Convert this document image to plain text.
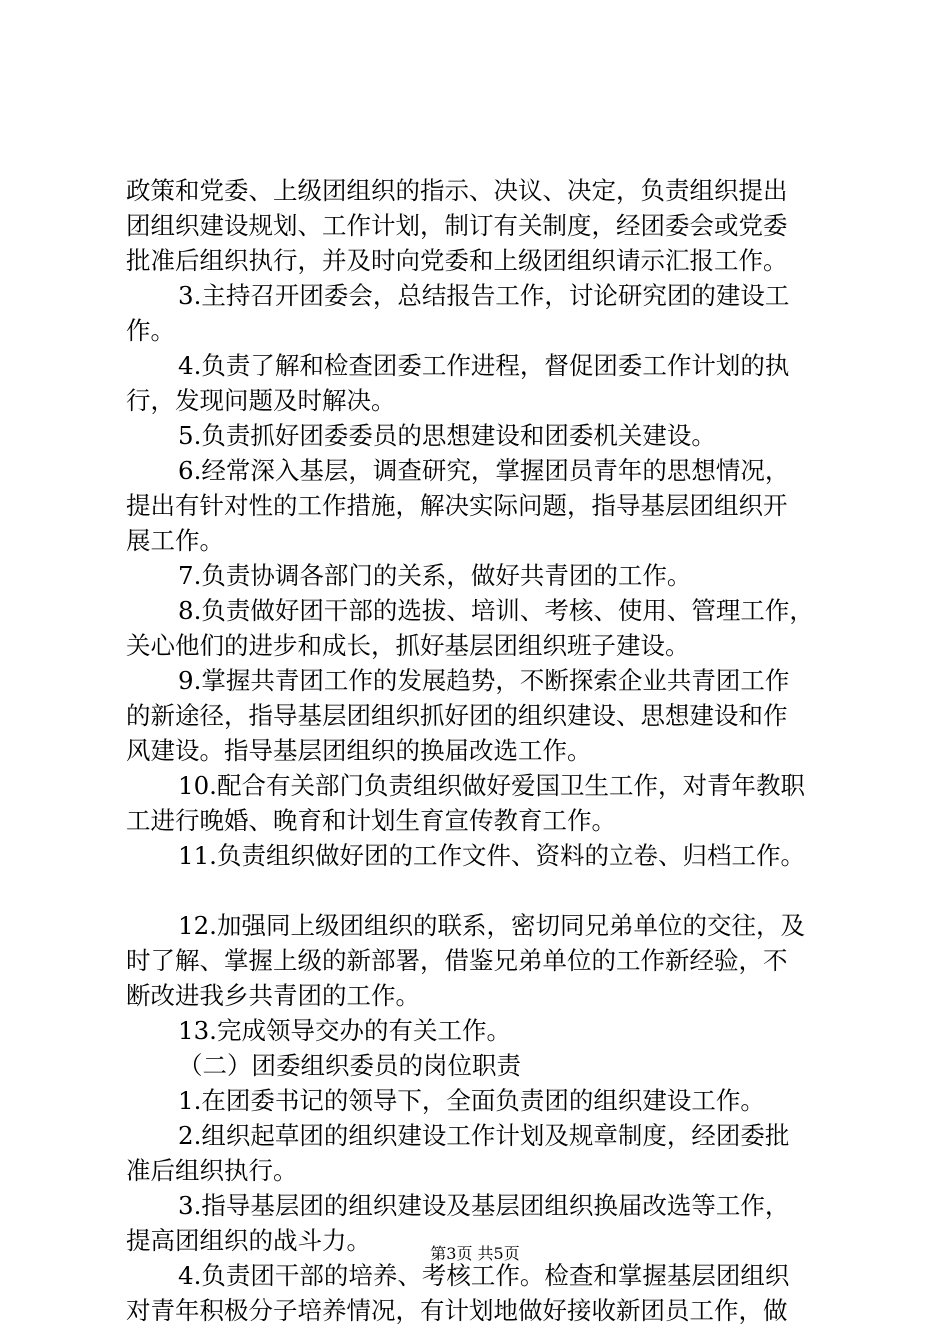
政策和党委、上级团组织的指示、决议、决定，负责组织提出
团组织建设规划、工作计划，制订有关制度，经团委会或党委
批准后组织执行，并及时向党委和上级团组织请示汇报工作。
3.主持召开团委会，总结报告工作，讨论研究团的建设工
作。
4.负责了解和检查团委工作进程，督促团委工作计划的执
行，发现问题及时解决。
5.负责抓好团委委员的思想建设和团委机关建设。
6.经常深入基层，调查研究，掌握团员青年的思想情况，
提出有针对性的工作措施，解决实际问题，指导基层团组织开
展工作。
7.负责协调各部门的关系，做好共青团的工作。
8.负责做好团干部的选拔、培训、考核、使用、管理工作，
关心他们的进步和成长，抓好基层团组织班子建设。
9.掌握共青团工作的发展趋势，不断探索企业共青团工作
的新途径，指导基层团组织抓好团的组织建设、思想建设和作
风建设。指导基层团组织的换届改选工作。
10.配合有关部门负责组织做好爱国卫生工作，对青年教职
工进行晚婚、晚育和计划生育宣传教育工作。
11.负责组织做好团的工作文件、资料的立卷、归档工作。
12.加强同上级团组织的联系，密切同兄弟单位的交往，及
时了解、掌握上级的新部署，借鉴兄弟单位的工作新经验，不
断改进我乡共青团的工作。
13.完成领导交办的有关工作。
（二）团委组织委员的岗位职责
1.在团委书记的领导下，全面负责团的组织建设工作。
2.组织起草团的组织建设工作计划及规章制度，经团委批
准后组织执行。
3.指导基层团的组织建设及基层团组织换届改选等工作，
提高团组织的战斗力。
4.负责团干部的培养、考核工作。检查和掌握基层团组织
对青年积极分子培养情况，有计划地做好接收新团员工作，做
第3页 共5页
